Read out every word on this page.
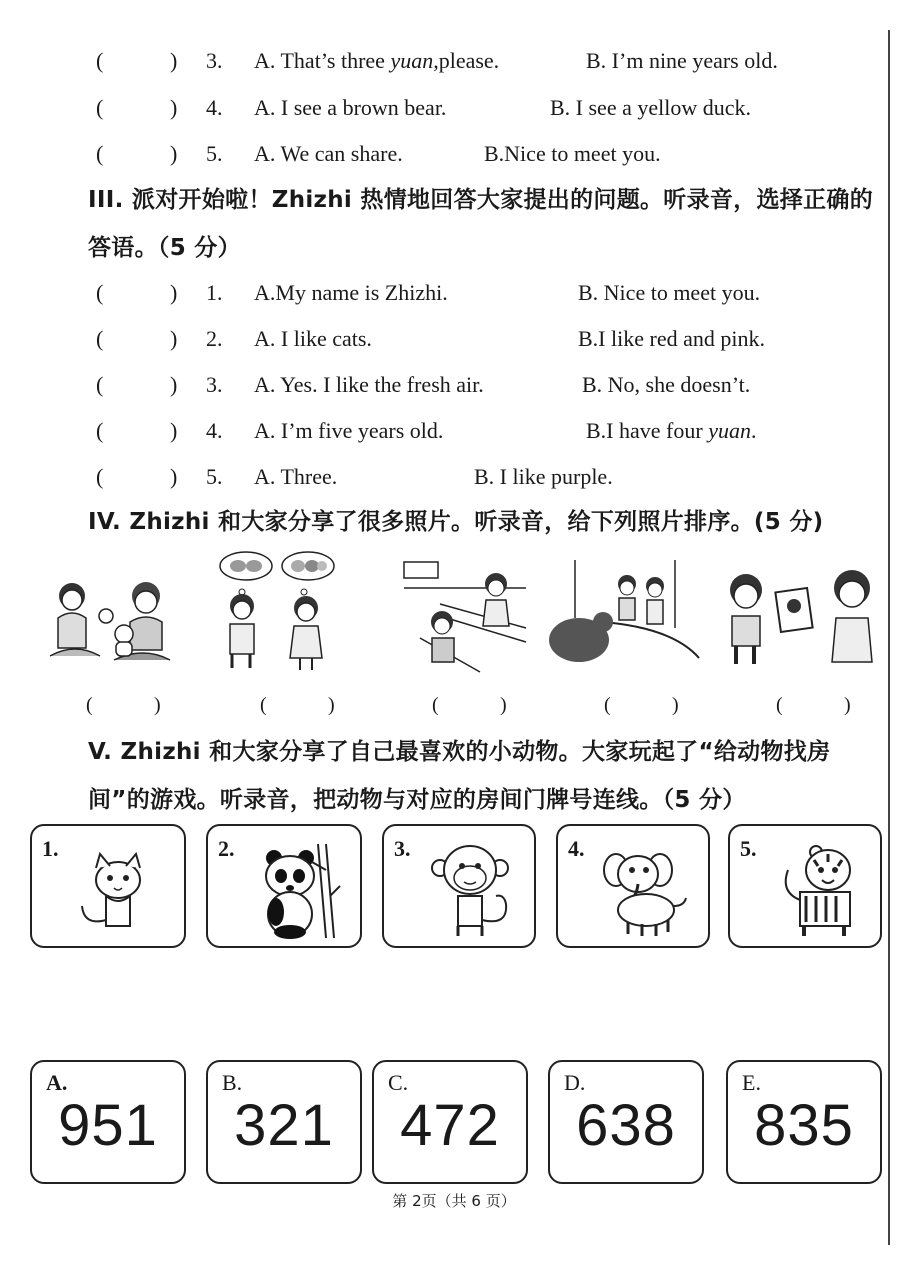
(	) 3. A. That’s three yuan,please.	B. I’m nine years old.
(	) 4. A. I see a brown bear.	B. I see a yellow duck.
(	) 5. A. We can share.	B.Nice to meet you.
III. 派对开始啦！Zhizhi 热情地回答大家提出的问题。听录音，选择正确的答语。（5 分）
(	) 1. A.My name is Zhizhi.	B. Nice to meet you.
(	) 2. A. I like cats.	B.I like red and pink.
(	) 3. A. Yes. I like the fresh air.	B. No, she doesn’t.
(	) 4. A. I’m five years old.	B.I have four yuan.
(	) 5. A. Three.	B. I like purple.
IV. Zhizhi 和大家分享了很多照片。听录音，给下列照片排序。(5 分)
(	)	(	)	(	)	(	)	(	)
V. Zhizhi 和大家分享了自己最喜欢的小动物。大家玩起了“给动物找房间”的游戏。听录音，把动物与对应的房间门牌号连线。（5 分）
1.	2.	3.	4.	5.
A.
951
B.
321
C.
472
D.
638
E.
835
第 2页（共 6 页）
